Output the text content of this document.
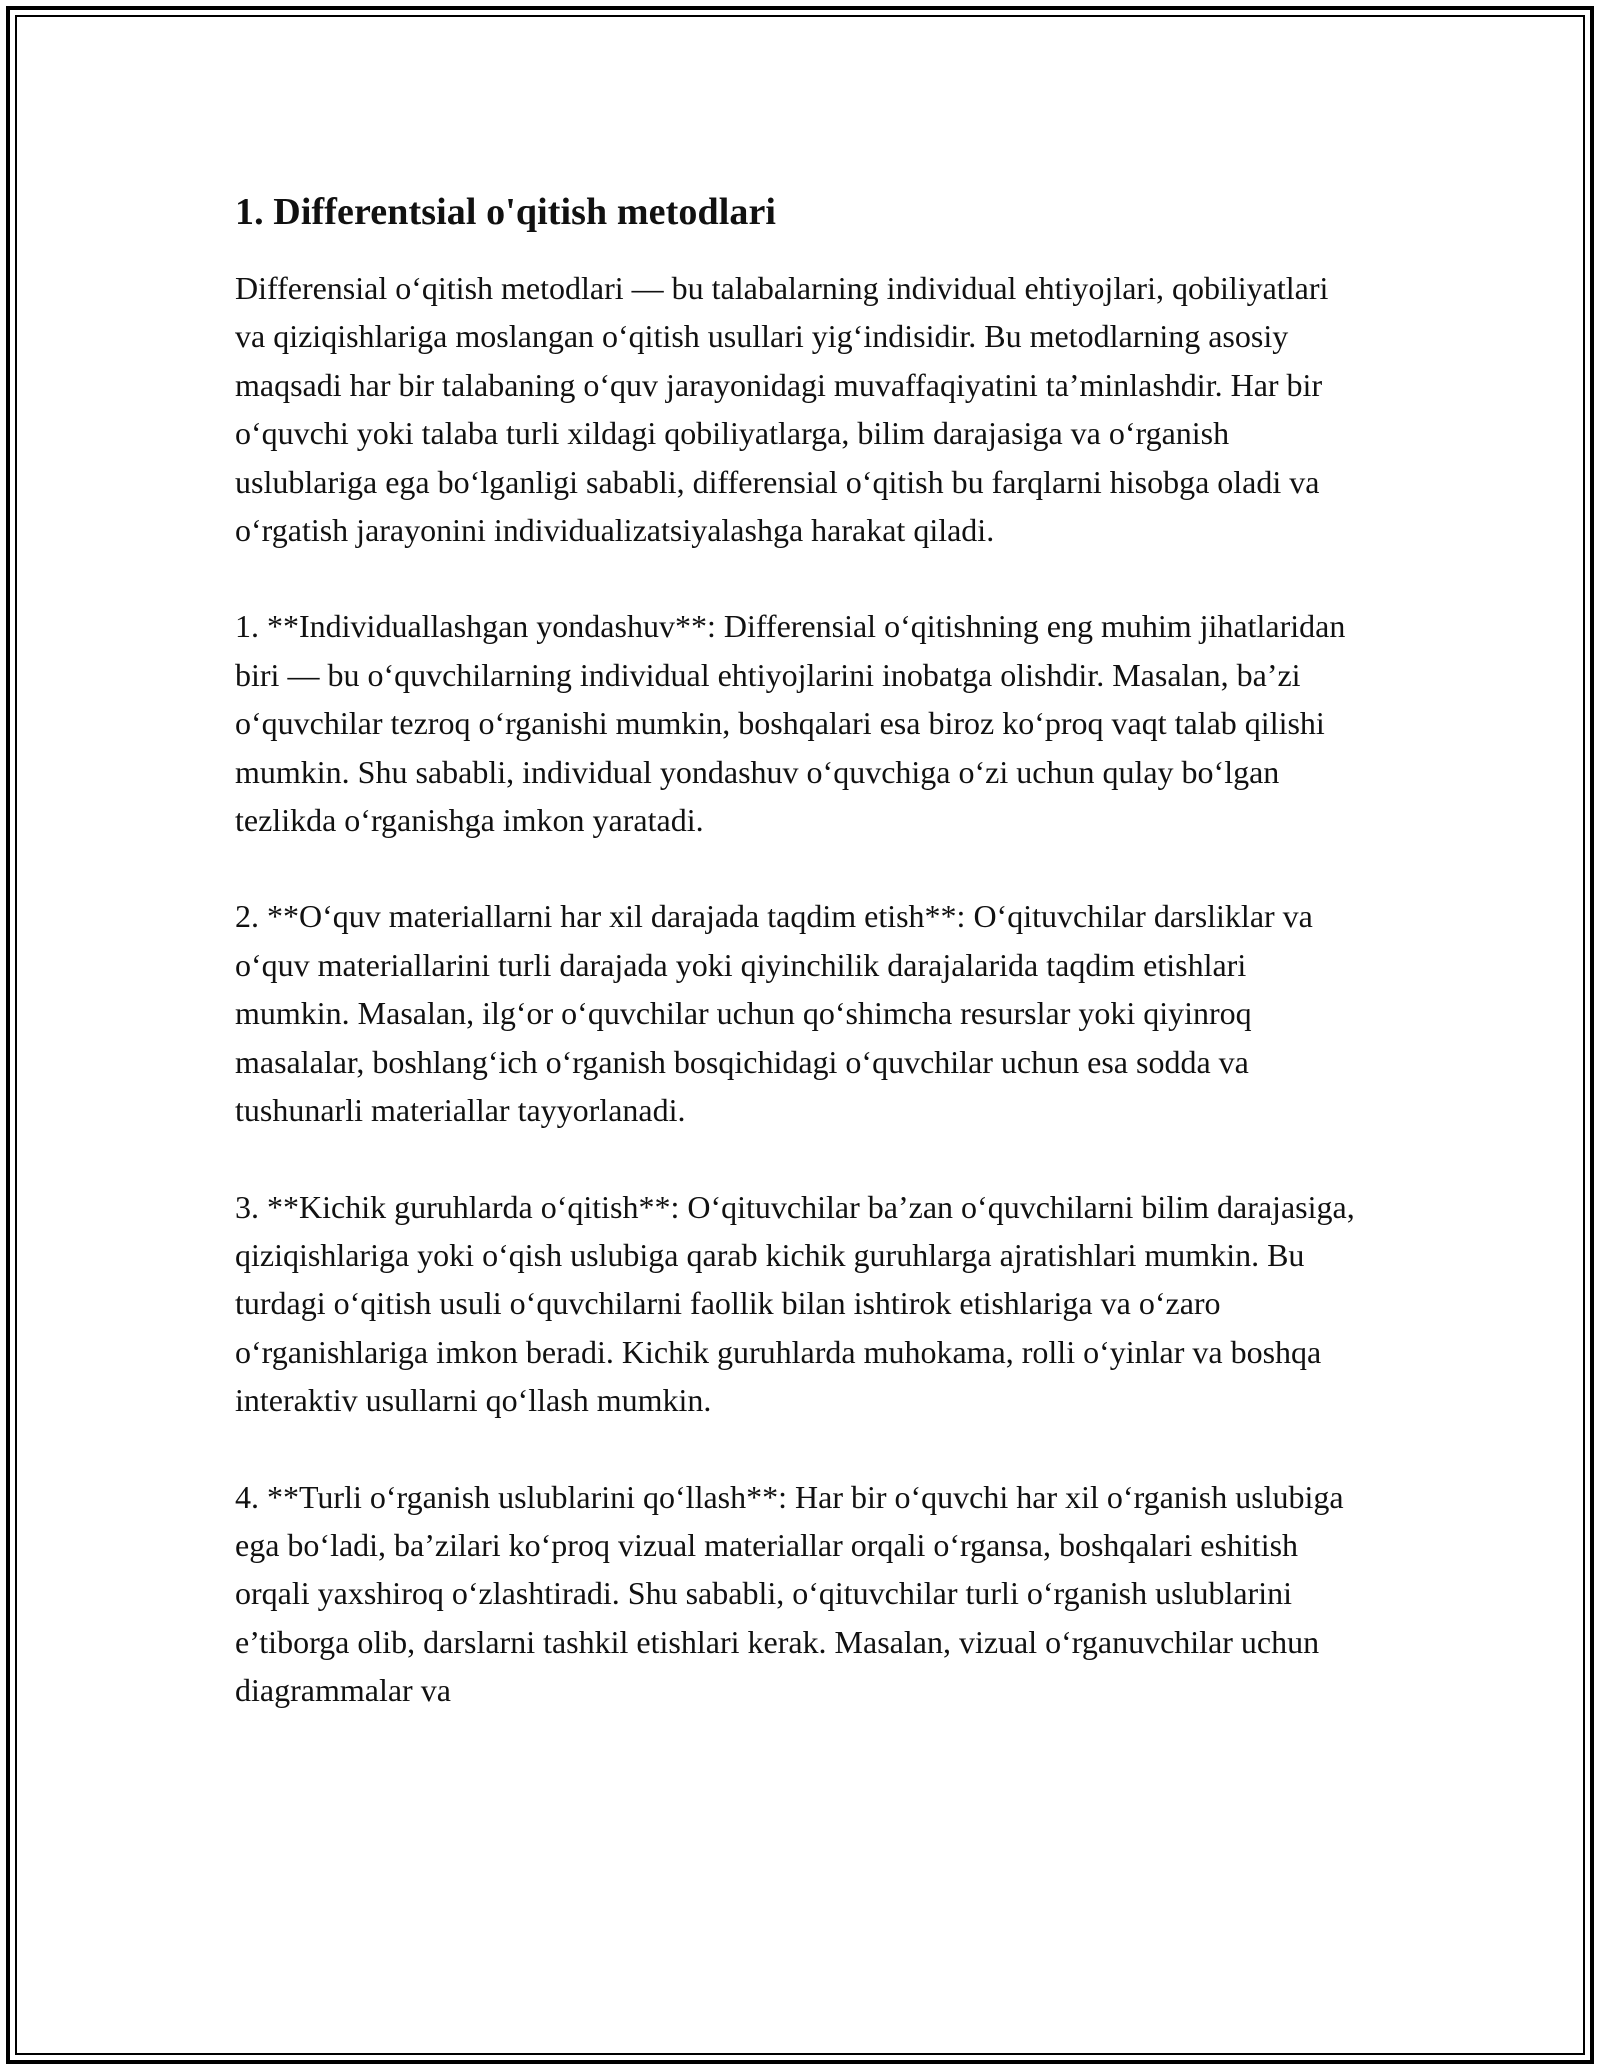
1. Differentsial o'qitish metodlari

Differensial o‘qitish metodlari — bu talabalarning individual ehtiyojlari, qobiliyatlari va qiziqishlariga moslangan o‘qitish usullari yig‘indisidir. Bu metodlarning asosiy maqsadi har bir talabaning o‘quv jarayonidagi muvaffaqiyatini ta’minlashdir. Har bir o‘quvchi yoki talaba turli xildagi qobiliyatlarga, bilim darajasiga va o‘rganish uslublariga ega bo‘lganligi sababli, differensial o‘qitish bu farqlarni hisobga oladi va o‘rgatish jarayonini individualizatsiyalashga harakat qiladi.

1. **Individuallashgan yondashuv**: Differensial o‘qitishning eng muhim jihatlaridan biri — bu o‘quvchilarning individual ehtiyojlarini inobatga olishdir. Masalan, ba’zi o‘quvchilar tezroq o‘rganishi mumkin, boshqalari esa biroz ko‘proq vaqt talab qilishi mumkin. Shu sababli, individual yondashuv o‘quvchiga o‘zi uchun qulay bo‘lgan tezlikda o‘rganishga imkon yaratadi.

2. **O‘quv materiallarni har xil darajada taqdim etish**: O‘qituvchilar darsliklar va o‘quv materiallarini turli darajada yoki qiyinchilik darajalarida taqdim etishlari mumkin. Masalan, ilg‘or o‘quvchilar uchun qo‘shimcha resurslar yoki qiyinroq masalalar, boshlang‘ich o‘rganish bosqichidagi o‘quvchilar uchun esa sodda va tushunarli materiallar tayyorlanadi.

3. **Kichik guruhlarda o‘qitish**: O‘qituvchilar ba’zan o‘quvchilarni bilim darajasiga, qiziqishlariga yoki o‘qish uslubiga qarab kichik guruhlarga ajratishlari mumkin. Bu turdagi o‘qitish usuli o‘quvchilarni faollik bilan ishtirok etishlariga va o‘zaro o‘rganishlariga imkon beradi. Kichik guruhlarda muhokama, rolli o‘yinlar va boshqa interaktiv usullarni qo‘llash mumkin.

4. **Turli o‘rganish uslublarini qo‘llash**: Har bir o‘quvchi har xil o‘rganish uslubiga ega bo‘ladi, ba’zilari ko‘proq vizual materiallar orqali o‘rgansa, boshqalari eshitish orqali yaxshiroq o‘zlashtiradi. Shu sababli, o‘qituvchilar turli o‘rganish uslublarini e’tiborga olib, darslarni tashkil etishlari kerak. Masalan, vizual o‘rganuvchilar uchun diagrammalar va
